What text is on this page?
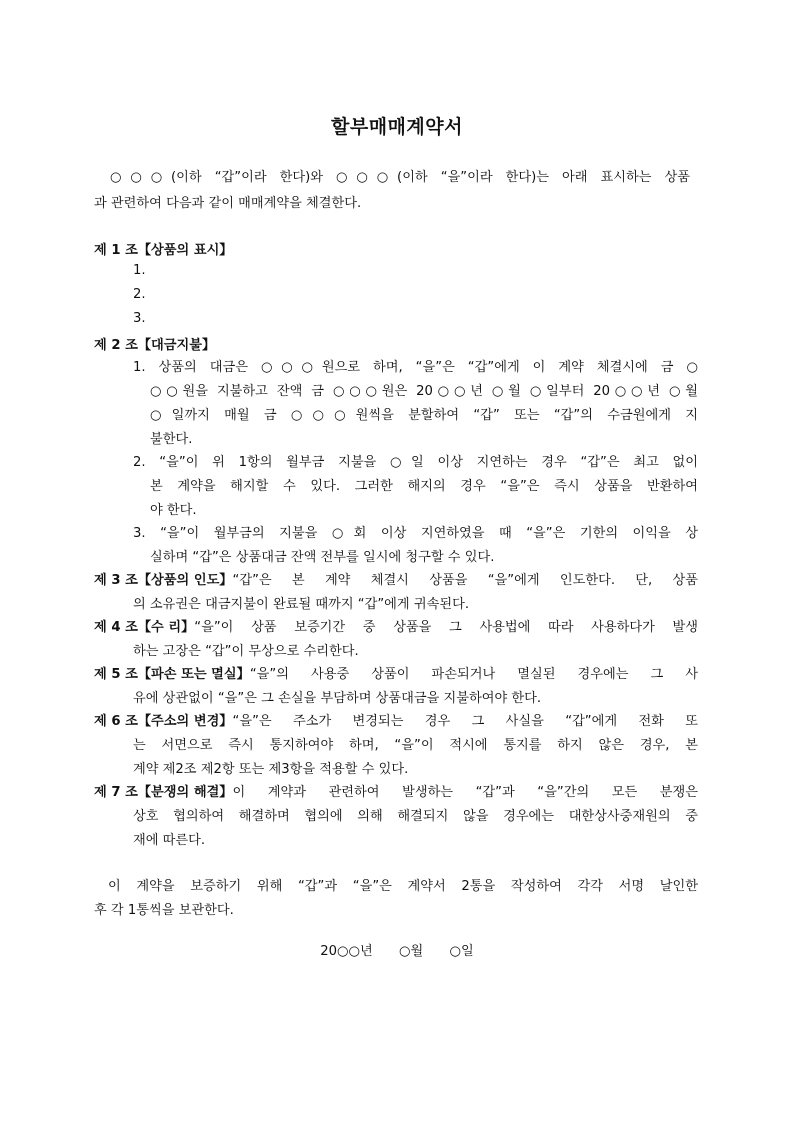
할부매매계약서
○○○(이하 “갑”이라 한다)와 ○○○(이하 “을”이라 한다)는 아래 표시하는 상품
과 관련하여 다음과 같이 매매계약을 체결한다.
제 1 조【상품의 표시】
1.
2.
3.
제 2 조【대금지불】
1. 상품의 대금은 ○○○원으로 하며, “을”은 “갑”에게 이 계약 체결시에 금 ○
○○원을 지불하고 잔액 금 ○○○원은 20○○년 ○월 ○일부터 20○○년 ○월
○일까지 매월 금 ○○○원씩을 분할하여 “갑” 또는 “갑”의 수금원에게 지
불한다.
2. “을”이 위 1항의 월부금 지불을 ○일 이상 지연하는 경우 “갑”은 최고 없이
본 계약을 해지할 수 있다. 그러한 해지의 경우 “을”은 즉시 상품을 반환하여
야 한다.
3. “을”이 월부금의 지불을 ○회 이상 지연하였을 때 “을”은 기한의 이익을 상
실하며 “갑”은 상품대금 잔액 전부를 일시에 청구할 수 있다.
제 3 조【상품의 인도】 “갑”은 본 계약 체결시 상품을 “을”에게 인도한다. 단, 상품
의 소유권은 대금지불이 완료될 때까지 “갑”에게 귀속된다.
제 4 조【수 리】 “을”이 상품 보증기간 중 상품을 그 사용법에 따라 사용하다가 발생
하는 고장은 “갑”이 무상으로 수리한다.
제 5 조【파손 또는 멸실】 “을”의 사용중 상품이 파손되거나 멸실된 경우에는 그 사
유에 상관없이 “을”은 그 손실을 부담하며 상품대금을 지불하여야 한다.
제 6 조【주소의 변경】 “을”은 주소가 변경되는 경우 그 사실을 “갑”에게 전화 또
는 서면으로 즉시 통지하여야 하며, “을”이 적시에 통지를 하지 않은 경우, 본
계약 제2조 제2항 또는 제3항을 적용할 수 있다.
제 7 조【분쟁의 해결】 이 계약과 관련하여 발생하는 “갑”과 “을”간의 모든 분쟁은
상호 협의하여 해결하며 협의에 의해 해결되지 않을 경우에는 대한상사중재원의 중
재에 따른다.
이 계약을 보증하기 위해 “갑”과 “을”은 계약서 2통을 작성하여 각각 서명 날인한
후 각 1통씩을 보관한다.
20○○년 ○월 ○일
